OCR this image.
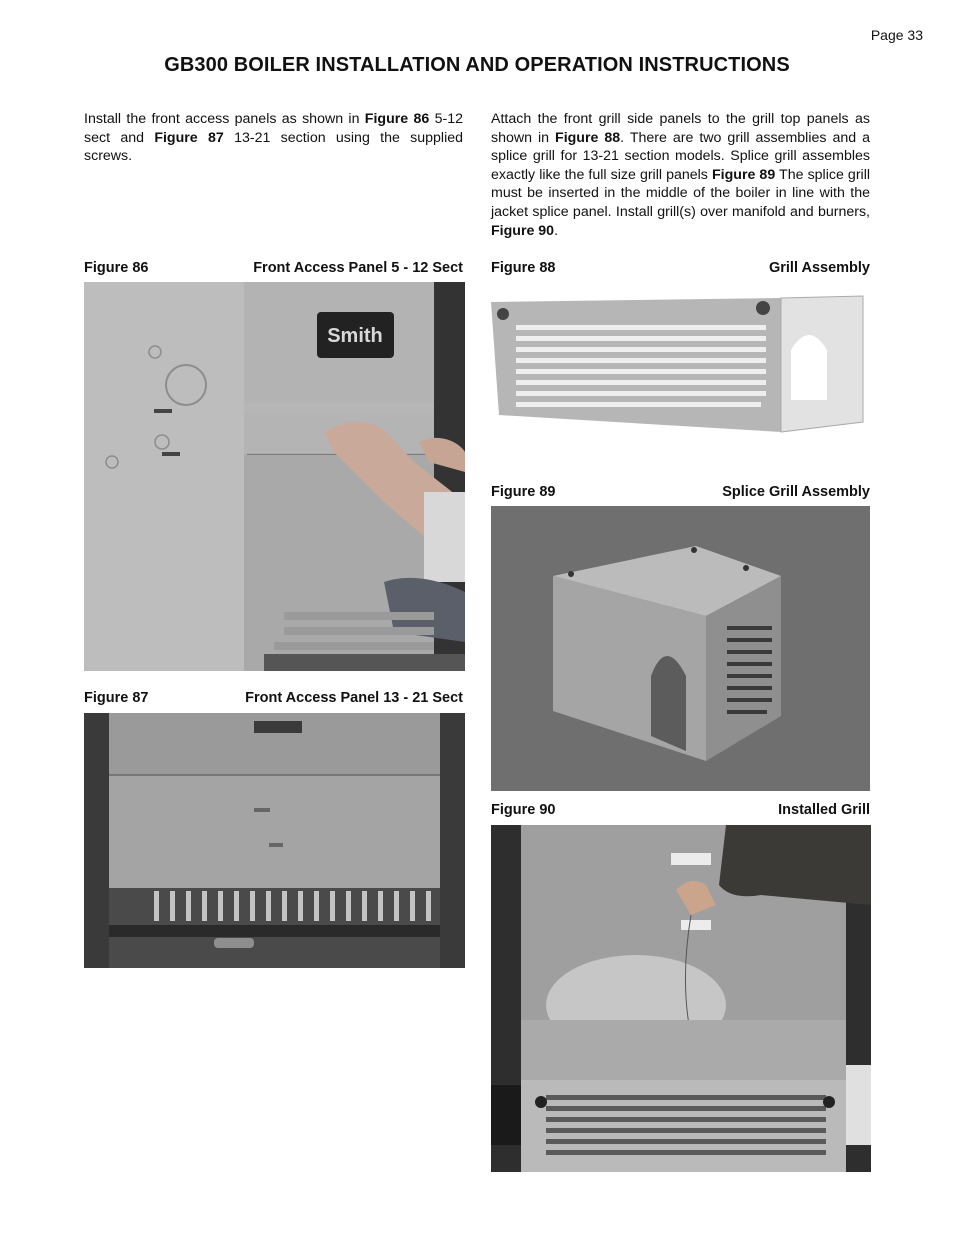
Page 33
GB300 BOILER INSTALLATION AND OPERATION INSTRUCTIONS
Install the front access panels as shown in Figure 86 5-12 sect and Figure 87 13-21 section using the supplied screws.
Attach the front grill side panels to the grill top panels as shown in Figure 88. There are two grill assemblies and a splice grill for 13-21 section models. Splice grill assembles exactly like the full size grill panels Figure 89 The splice grill must be inserted in the middle of the boiler in line with the jacket splice panel. Install grill(s) over manifold and burners, Figure 90.
Figure 86	Front Access Panel 5 - 12 Sect
Smith
Figure 87	Front Access Panel 13 - 21 Sect
Figure 88	Grill Assembly
Figure 89	Splice Grill Assembly
Figure 90	Installed Grill
